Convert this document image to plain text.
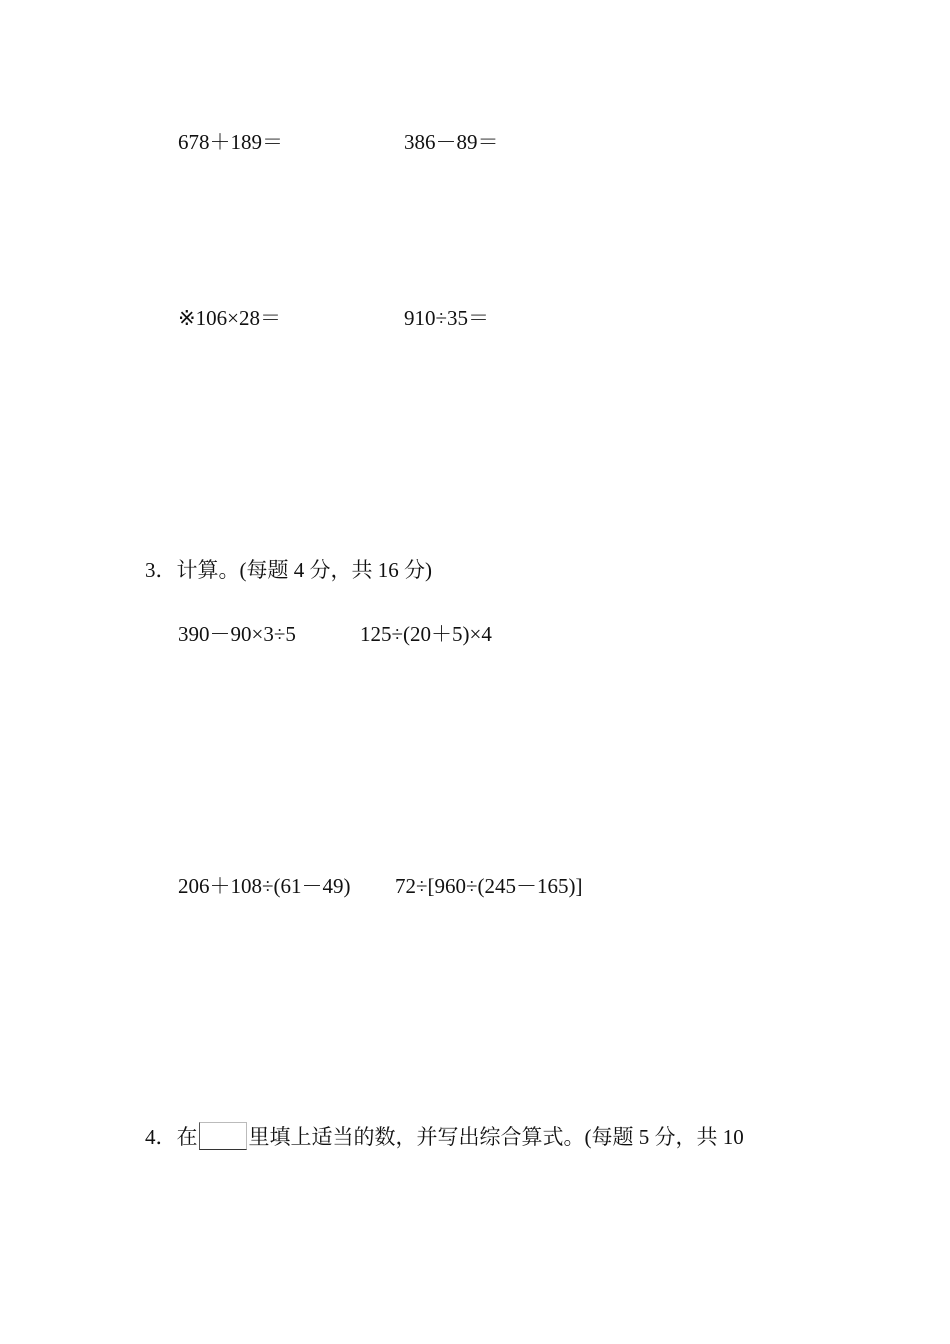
678＋189＝	386－89＝
※106×28＝	910÷35＝
3．计算。(每题 4 分，共 16 分)
390－90×3÷5	125÷(20＋5)×4
206＋108÷(61－49) 72÷[960÷(245－165)]
4．在 里填上适当的数，并写出综合算式。(每题 5 分，共 10
